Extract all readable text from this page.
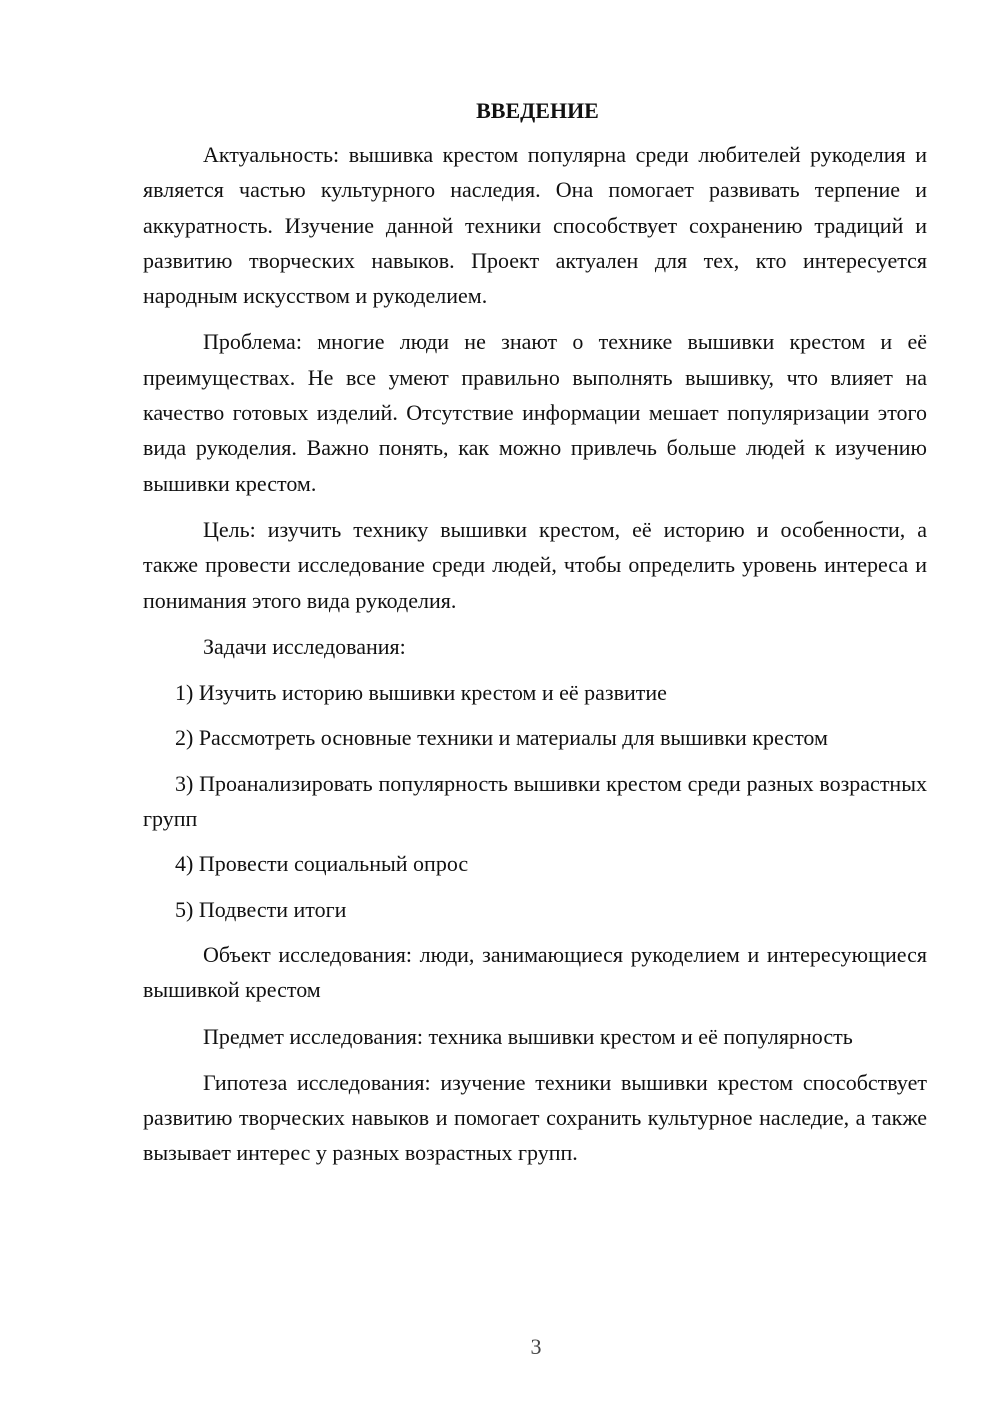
ВВЕДЕНИЕ

Актуальность: вышивка крестом популярна среди любителей рукоделия и является частью культурного наследия. Она помогает развивать терпение и аккуратность. Изучение данной техники способствует сохранению традиций и развитию творческих навыков. Проект актуален для тех, кто интересуется народным искусством и рукоделием.

Проблема: многие люди не знают о технике вышивки крестом и её преимуществах. Не все умеют правильно выполнять вышивку, что влияет на качество готовых изделий. Отсутствие информации мешает популяризации этого вида рукоделия. Важно понять, как можно привлечь больше людей к изучению вышивки крестом.

Цель: изучить технику вышивки крестом, её историю и особенности, а также провести исследование среди людей, чтобы определить уровень интереса и понимания этого вида рукоделия.

Задачи исследования:

1) Изучить историю вышивки крестом и её развитие

2) Рассмотреть основные техники и материалы для вышивки крестом

3) Проанализировать популярность вышивки крестом среди разных возрастных групп

4) Провести социальный опрос

5) Подвести итоги

Объект исследования: люди, занимающиеся рукоделием и интересующиеся вышивкой крестом

Предмет исследования: техника вышивки крестом и её популярность

Гипотеза исследования: изучение техники вышивки крестом способствует развитию творческих навыков и помогает сохранить культурное наследие, а также вызывает интерес у разных возрастных групп.

3
